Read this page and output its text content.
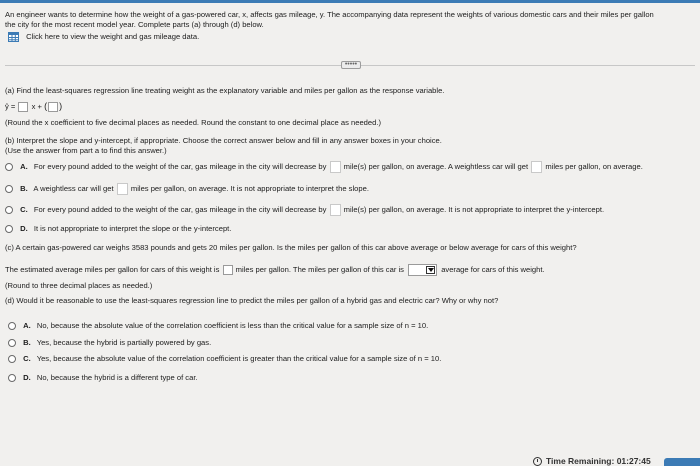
An engineer wants to determine how the weight of a gas-powered car, x, affects gas mileage, y. The accompanying data represent the weights of various domestic cars and their miles per gallon
the city for the most recent model year. Complete parts (a) through (d) below.
Click here to view the weight and gas mileage data.
•••••
(a) Find the least-squares regression line treating weight as the explanatory variable and miles per gallon as the response variable.
ŷ = x + ( )
(Round the x coefficient to five decimal places as needed. Round the constant to one decimal place as needed.)
(b) Interpret the slope and y-intercept, if appropriate. Choose the correct answer below and fill in any answer boxes in your choice.
(Use the answer from part a to find this answer.)
A. For every pound added to the weight of the car, gas mileage in the city will decrease by mile(s) per gallon, on average. A weightless car will get miles per gallon, on average.
B. A weightless car will get miles per gallon, on average. It is not appropriate to interpret the slope.
C. For every pound added to the weight of the car, gas mileage in the city will decrease by mile(s) per gallon, on average. It is not appropriate to interpret the y-intercept.
D. It is not appropriate to interpret the slope or the y-intercept.
(c) A certain gas-powered car weighs 3583 pounds and gets 20 miles per gallon. Is the miles per gallon of this car above average or below average for cars of this weight?
The estimated average miles per gallon for cars of this weight is miles per gallon. The miles per gallon of this car is	average for cars of this weight.
(Round to three decimal places as needed.)
(d) Would it be reasonable to use the least-squares regression line to predict the miles per gallon of a hybrid gas and electric car? Why or why not?
A. No, because the absolute value of the correlation coefficient is less than the critical value for a sample size of n = 10.
B. Yes, because the hybrid is partially powered by gas.
C. Yes, because the absolute value of the correlation coefficient is greater than the critical value for a sample size of n = 10.
D. No, because the hybrid is a different type of car.
Time Remaining: 01:27:45
